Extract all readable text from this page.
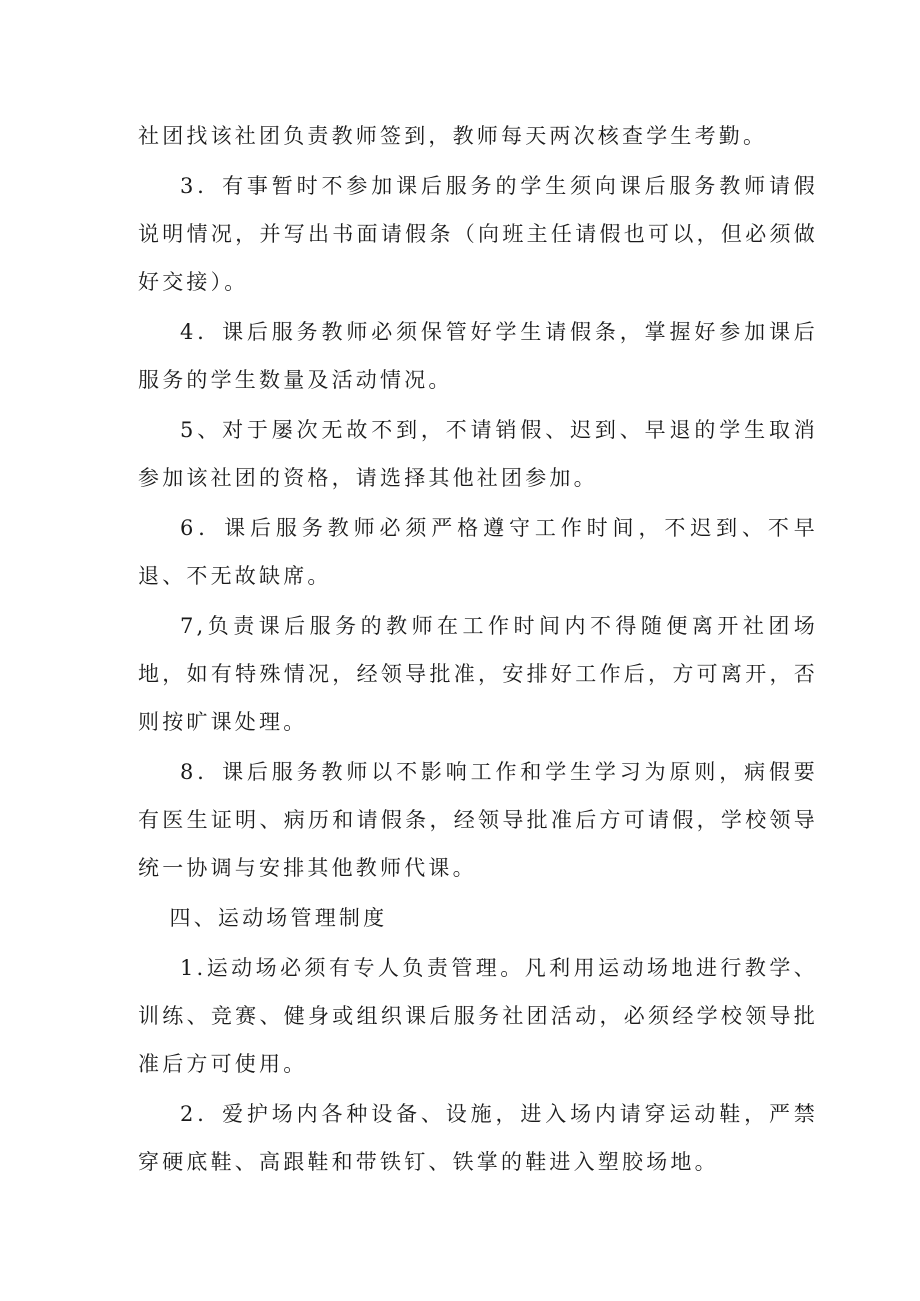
社团找该社团负责教师签到，教师每天两次核查学生考勤。

3．有事暂时不参加课后服务的学生须向课后服务教师请假说明情况，并写出书面请假条（向班主任请假也可以，但必须做好交接）。

4．课后服务教师必须保管好学生请假条，掌握好参加课后服务的学生数量及活动情况。

5、对于屡次无故不到，不请销假、迟到、早退的学生取消参加该社团的资格，请选择其他社团参加。

6．课后服务教师必须严格遵守工作时间，不迟到、不早退、不无故缺席。

7,负责课后服务的教师在工作时间内不得随便离开社团场地，如有特殊情况，经领导批准，安排好工作后，方可离开，否则按旷课处理。

8．课后服务教师以不影响工作和学生学习为原则，病假要有医生证明、病历和请假条，经领导批准后方可请假，学校领导统一协调与安排其他教师代课。

四、运动场管理制度

1.运动场必须有专人负责管理。凡利用运动场地进行教学、训练、竞赛、健身或组织课后服务社团活动，必须经学校领导批准后方可使用。

2．爱护场内各种设备、设施，进入场内请穿运动鞋，严禁穿硬底鞋、高跟鞋和带铁钉、铁掌的鞋进入塑胶场地。
